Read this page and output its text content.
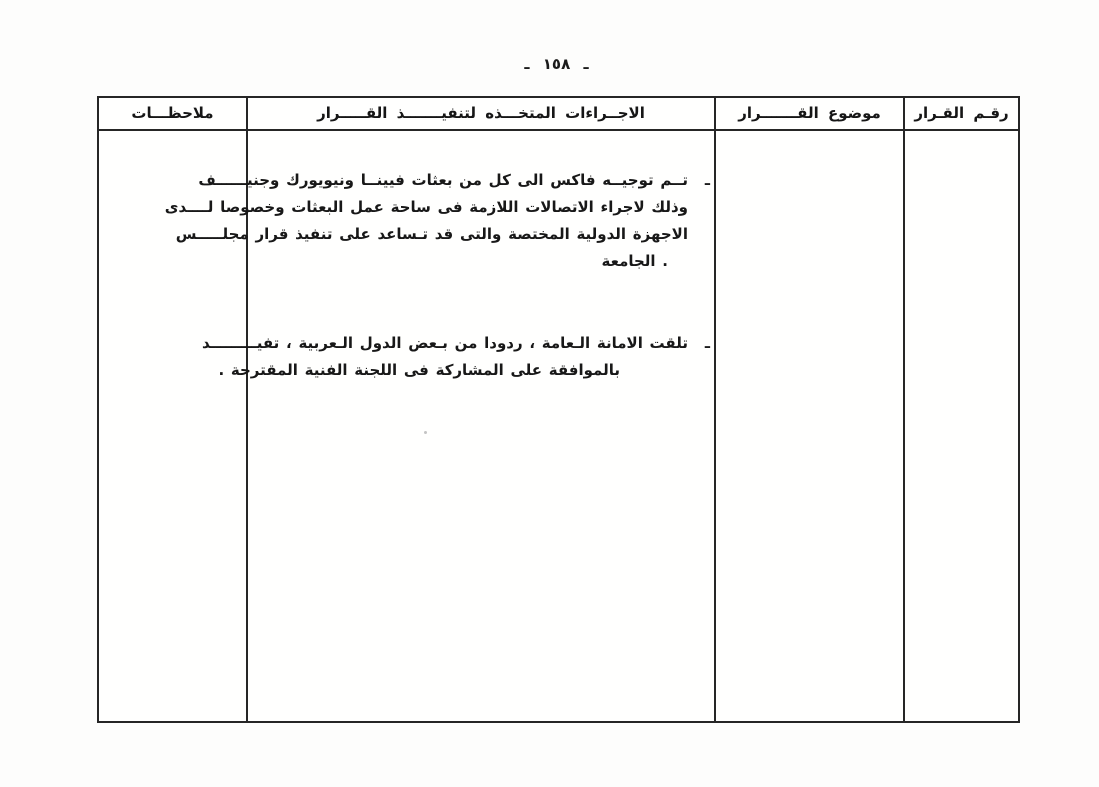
ـ ١٥٨ ـ
ملاحظـــات	الاجــراءات المتخـــذه لتنفيـــــــذ القـــــرار	موضوع القـــــــرار	رقـم القـرار
ـ
تــم توجيــه فاكس الى كل من بعثات فيينــا ونيويورك وجنيــــــف
وذلك لاجراء الاتصالات اللازمة فى ساحة عمل البعثات وخصوصا لــــدى
الاجهزة الدولية المختصة والتى قد تـساعد على تنفيذ قرار مجلـــــس
الجامعة .
ـ
تلقت الامانة الـعامة ، ردودا من بـعض الدول الـعربية ، تفيـــــــــد
بالموافقة على المشاركة فى اللجنة الفنية المقترحة .
